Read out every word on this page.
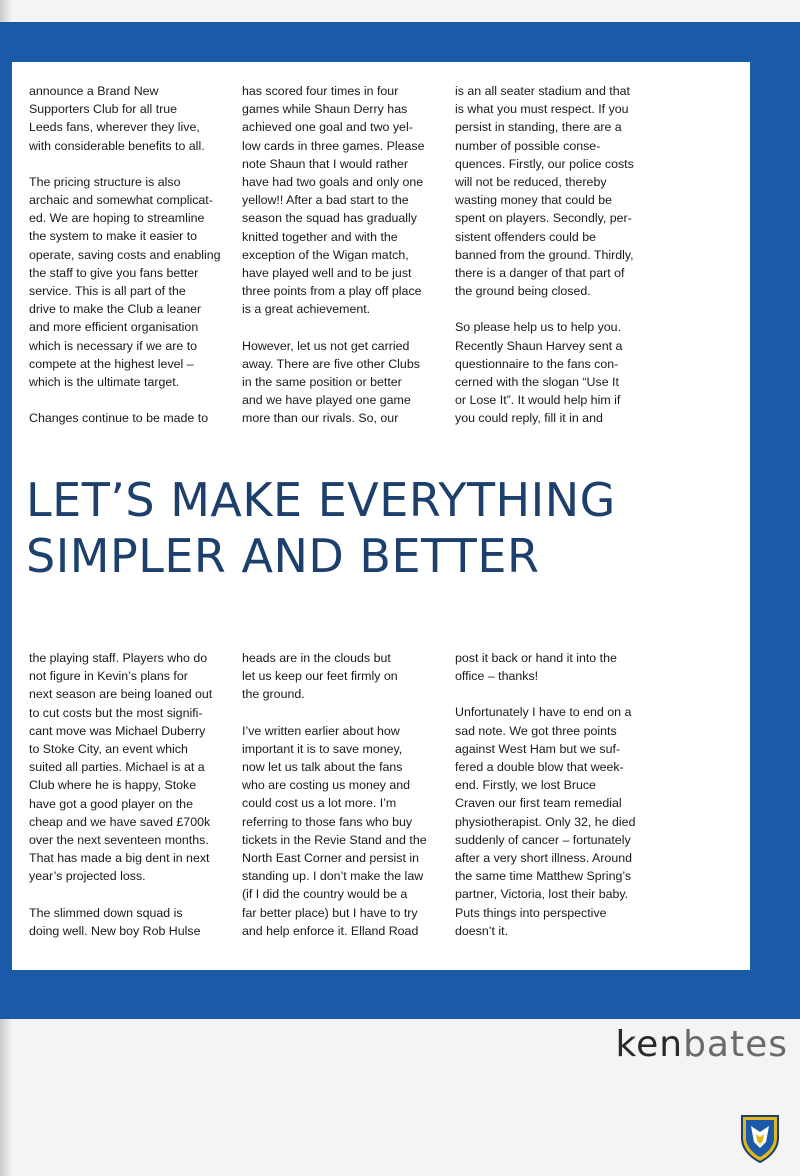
announce a Brand New
Supporters Club for all true
Leeds fans, wherever they live,
with considerable benefits to all.

The pricing structure is also
archaic and somewhat complicat-
ed. We are hoping to streamline
the system to make it easier to
operate, saving costs and enabling
the staff to give you fans better
service. This is all part of the
drive to make the Club a leaner
and more efficient organisation
which is necessary if we are to
compete at the highest level –
which is the ultimate target.

Changes continue to be made to

has scored four times in four
games while Shaun Derry has
achieved one goal and two yel-
low cards in three games. Please
note Shaun that I would rather
have had two goals and only one
yellow!! After a bad start to the
season the squad has gradually
knitted together and with the
exception of the Wigan match,
have played well and to be just
three points from a play off place
is a great achievement.

However, let us not get carried
away. There are five other Clubs
in the same position or better
and we have played one game
more than our rivals. So, our

is an all seater stadium and that
is what you must respect. If you
persist in standing, there are a
number of possible conse-
quences. Firstly, our police costs
will not be reduced, thereby
wasting money that could be
spent on players. Secondly, per-
sistent offenders could be
banned from the ground. Thirdly,
there is a danger of that part of
the ground being closed.

So please help us to help you.
Recently Shaun Harvey sent a
questionnaire to the fans con-
cerned with the slogan “Use It
or Lose It”. It would help him if
you could reply, fill it in and

LET’S MAKE EVERYTHING
SIMPLER AND BETTER

the playing staff. Players who do
not figure in Kevin’s plans for
next season are being loaned out
to cut costs but the most signifi-
cant move was Michael Duberry
to Stoke City, an event which
suited all parties. Michael is at a
Club where he is happy, Stoke
have got a good player on the
cheap and we have saved £700k
over the next seventeen months.
That has made a big dent in next
year’s projected loss.

The slimmed down squad is
doing well. New boy Rob Hulse

heads are in the clouds but
let us keep our feet firmly on
the ground.

I’ve written earlier about how
important it is to save money,
now let us talk about the fans
who are costing us money and
could cost us a lot more. I’m
referring to those fans who buy
tickets in the Revie Stand and the
North East Corner and persist in
standing up. I don’t make the law
(if I did the country would be a
far better place) but I have to try
and help enforce it. Elland Road

post it back or hand it into the
office – thanks!

Unfortunately I have to end on a
sad note. We got three points
against West Ham but we suf-
fered a double blow that week-
end. Firstly, we lost Bruce
Craven our first team remedial
physiotherapist. Only 32, he died
suddenly of cancer – fortunately
after a very short illness. Around
the same time Matthew Spring’s
partner, Victoria, lost their baby.
Puts things into perspective
doesn’t it.

kenbates
